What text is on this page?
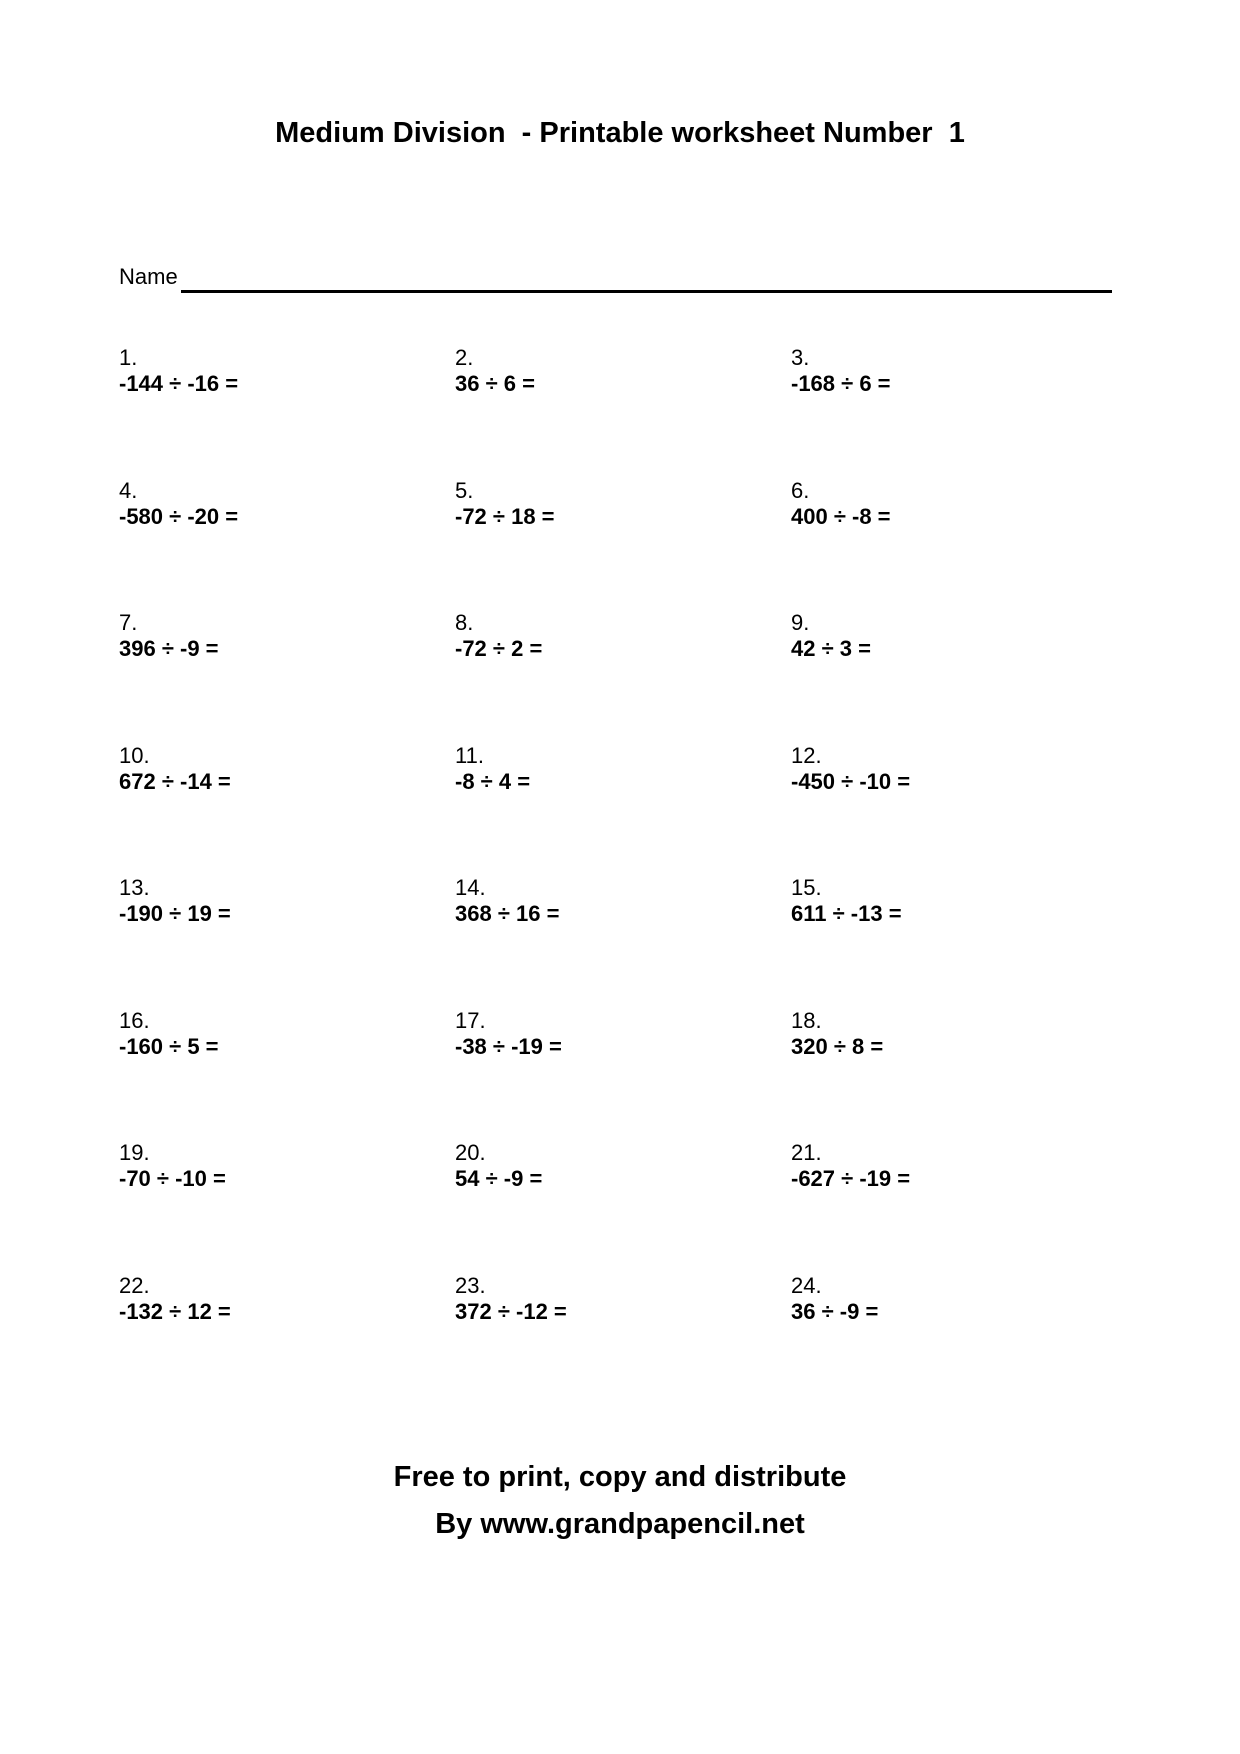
Medium Division  - Printable worksheet Number  1
Name
1.
-144 ÷ -16 =
2.
36 ÷ 6 =
3.
-168 ÷ 6 =
4.
-580 ÷ -20 =
5.
-72 ÷ 18 =
6.
400 ÷ -8 =
7.
396 ÷ -9 =
8.
-72 ÷ 2 =
9.
42 ÷ 3 =
10.
672 ÷ -14 =
11.
-8 ÷ 4 =
12.
-450 ÷ -10 =
13.
-190 ÷ 19 =
14.
368 ÷ 16 =
15.
611 ÷ -13 =
16.
-160 ÷ 5 =
17.
-38 ÷ -19 =
18.
320 ÷ 8 =
19.
-70 ÷ -10 =
20.
54 ÷ -9 =
21.
-627 ÷ -19 =
22.
-132 ÷ 12 =
23.
372 ÷ -12 =
24.
36 ÷ -9 =
Free to print, copy and distribute
By www.grandpapencil.net
